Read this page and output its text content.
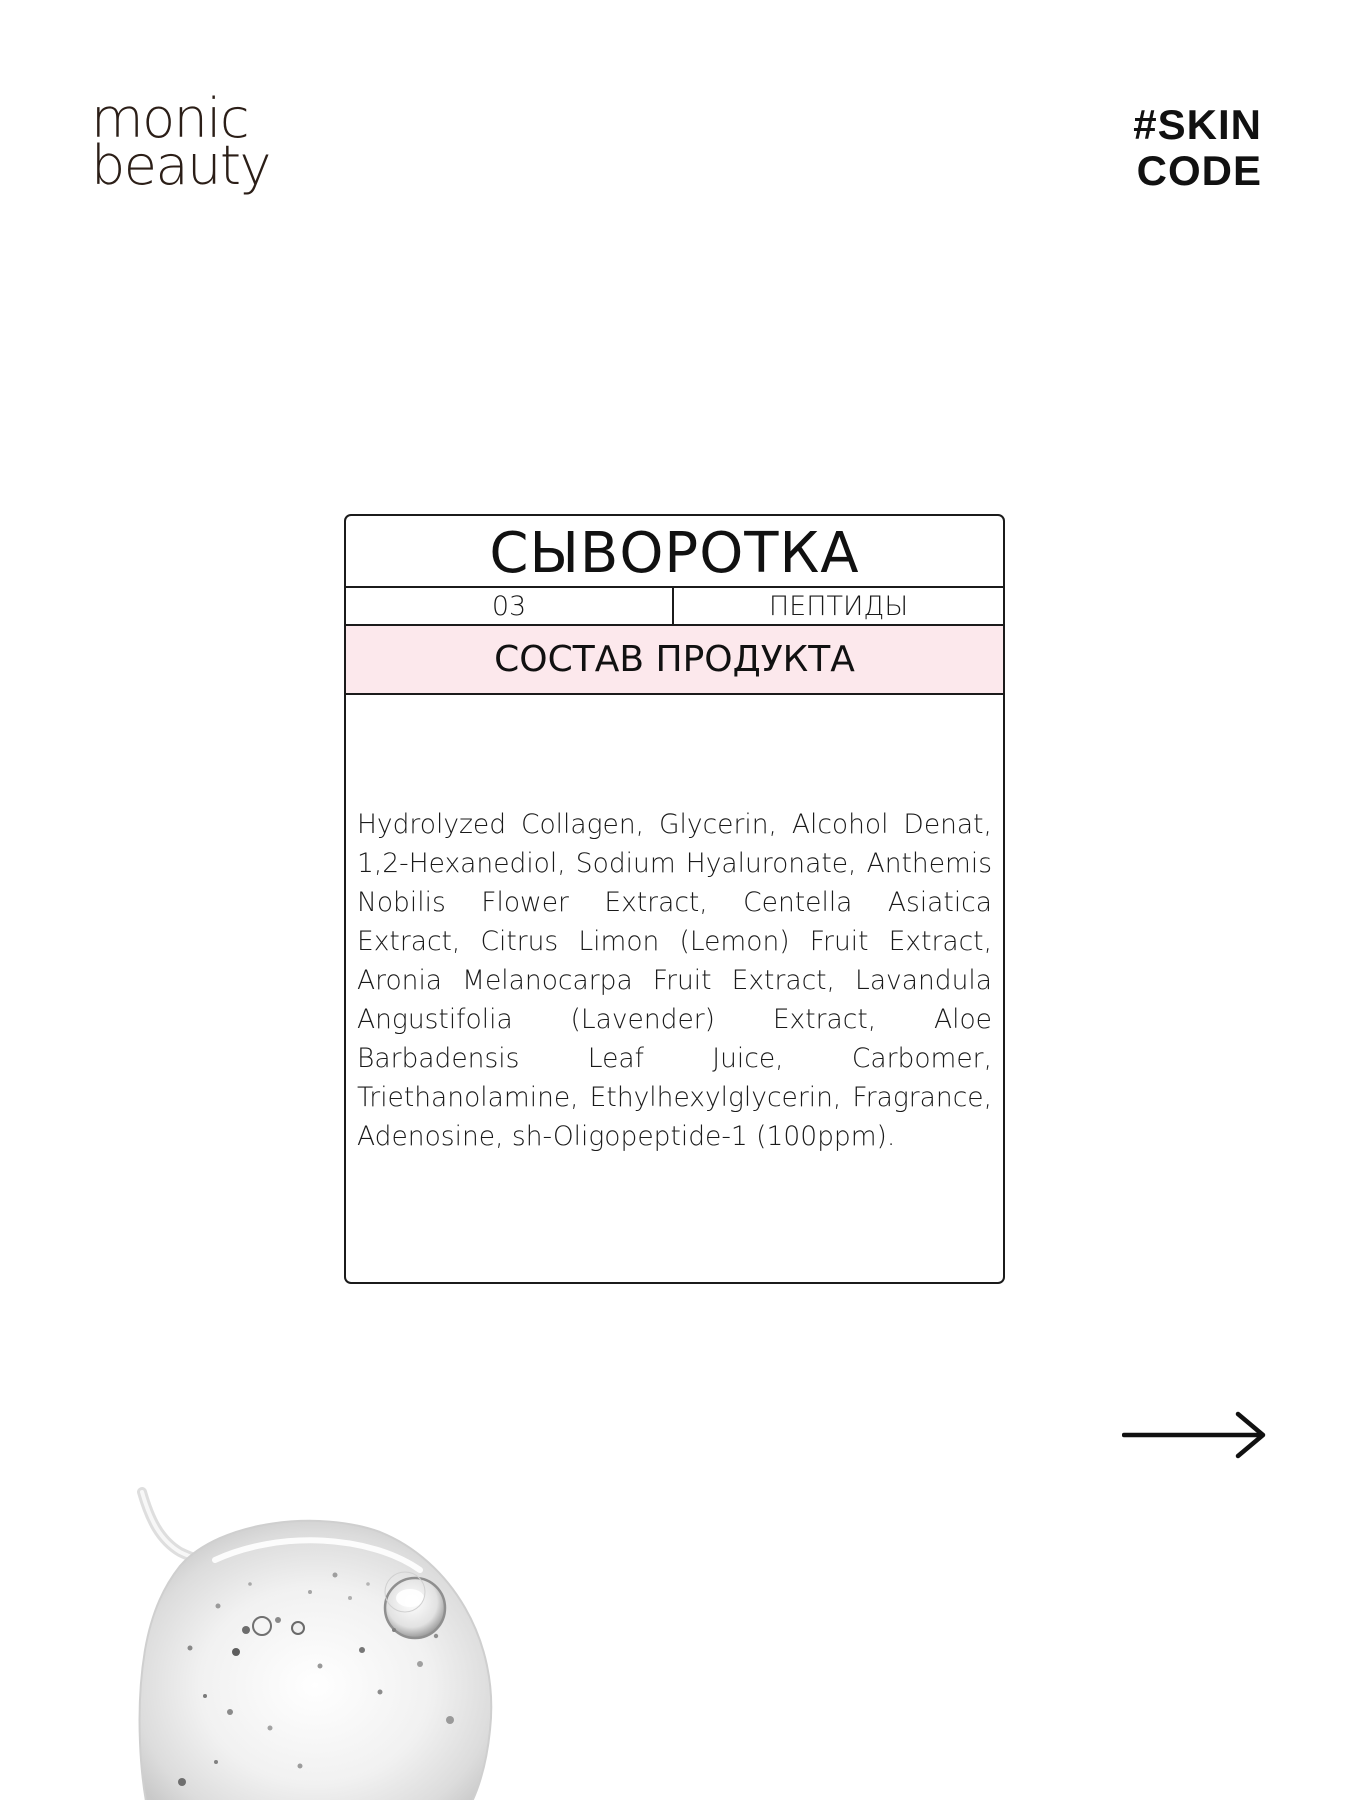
monic
beauty
#SKIN
CODE
СЫВОРОТКА
03	ПЕПТИДЫ
СОСТАВ ПРОДУКТА
Hydrolyzed Collagen, Glycerin, Alcohol Denat, 1,2-Hexanediol, Sodium Hyaluronate, Anthemis Nobilis Flower Extract, Centella Asiatica Extract, Citrus Limon (Lemon) Fruit Extract, Aronia Melanocarpa Fruit Extract, Lavandula Angustifolia (Lavender) Extract, Aloe Barbadensis Leaf Juice, Carbomer, Triethanolamine, Ethylhexylglycerin, Fragrance, Adenosine, sh-Oligopeptide-1 (100ppm).
